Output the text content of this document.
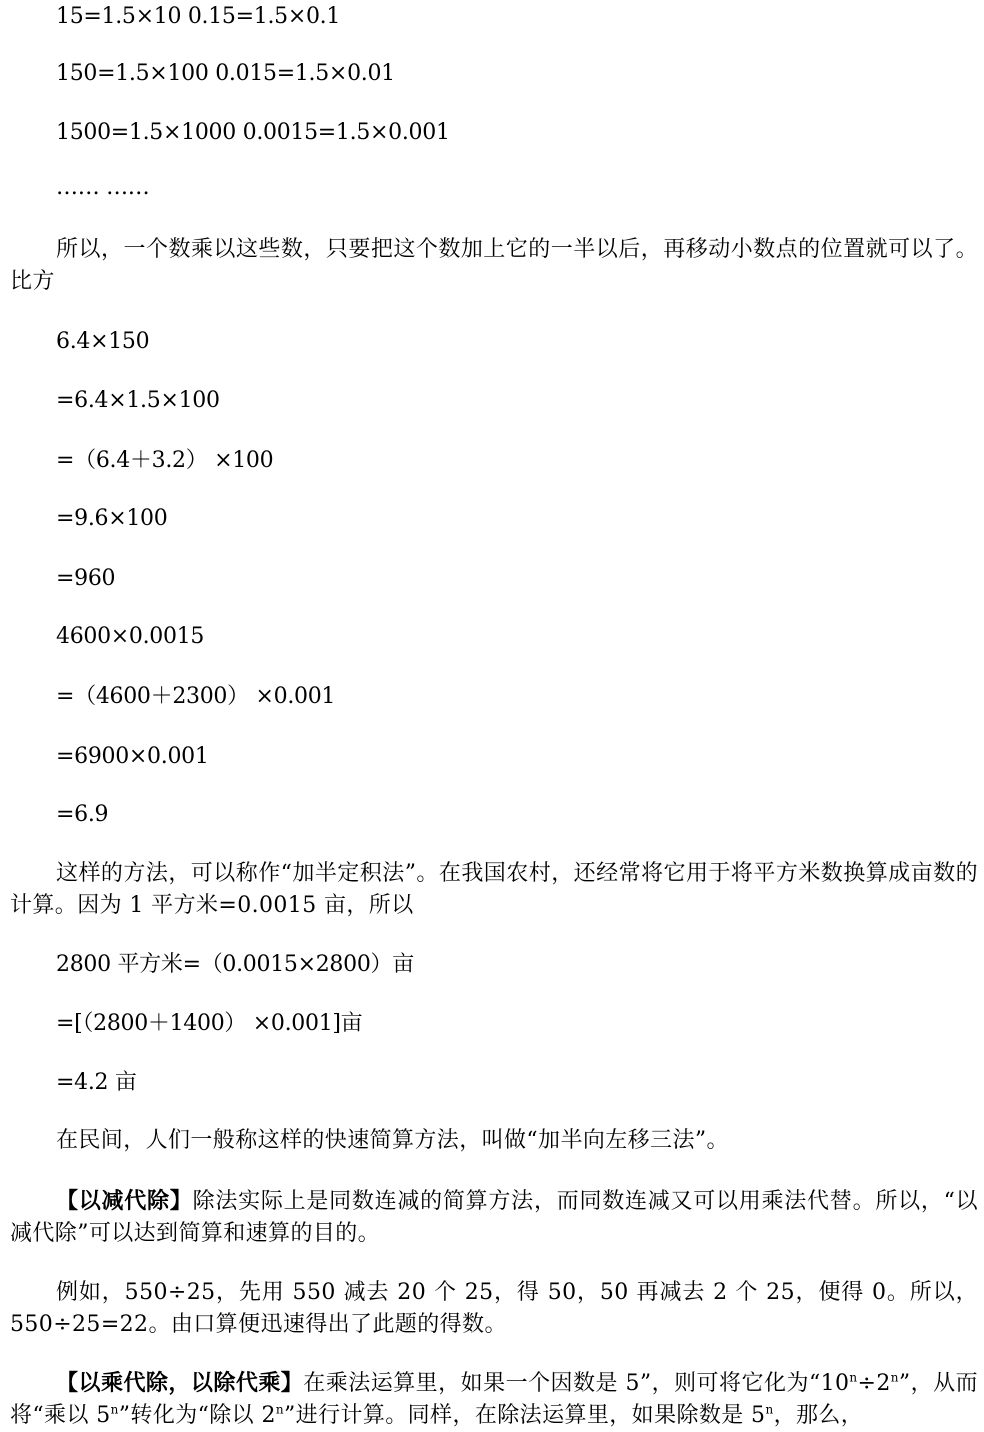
15=1.5×10 0.15=1.5×0.1
150=1.5×100 0.015=1.5×0.01
1500=1.5×1000 0.0015=1.5×0.001
…… ……
所以，一个数乘以这些数，只要把这个数加上它的一半以后，再移动小数点的位置就可以了。比方
6.4×150
=6.4×1.5×100
=（6.4＋3.2） ×100
=9.6×100
=960
4600×0.0015
=（4600＋2300） ×0.001
=6900×0.001
=6.9
这样的方法，可以称作“加半定积法”。在我国农村，还经常将它用于将平方米数换算成亩数的计算。因为 1 平方米=0.0015 亩，所以
2800 平方米=（0.0015×2800）亩
=[（2800＋1400） ×0.001]亩
=4.2 亩
在民间，人们一般称这样的快速简算方法，叫做“加半向左移三法”。
【以减代除】除法实际上是同数连减的简算方法，而同数连减又可以用乘法代替。所以，“以减代除”可以达到简算和速算的目的。
例如，550÷25，先用 550 减去 20 个 25，得 50，50 再减去 2 个 25，便得 0。所以，550÷25=22。由口算便迅速得出了此题的得数。
【以乘代除，以除代乘】在乘法运算里，如果一个因数是 5”，则可将它化为“$10^n\div 2^n$”，从而将“乘以 5$^n$”转化为“除以 2$^n$”进行计算。同样，在除法运算里，如果除数是 5$^n$，那么，
